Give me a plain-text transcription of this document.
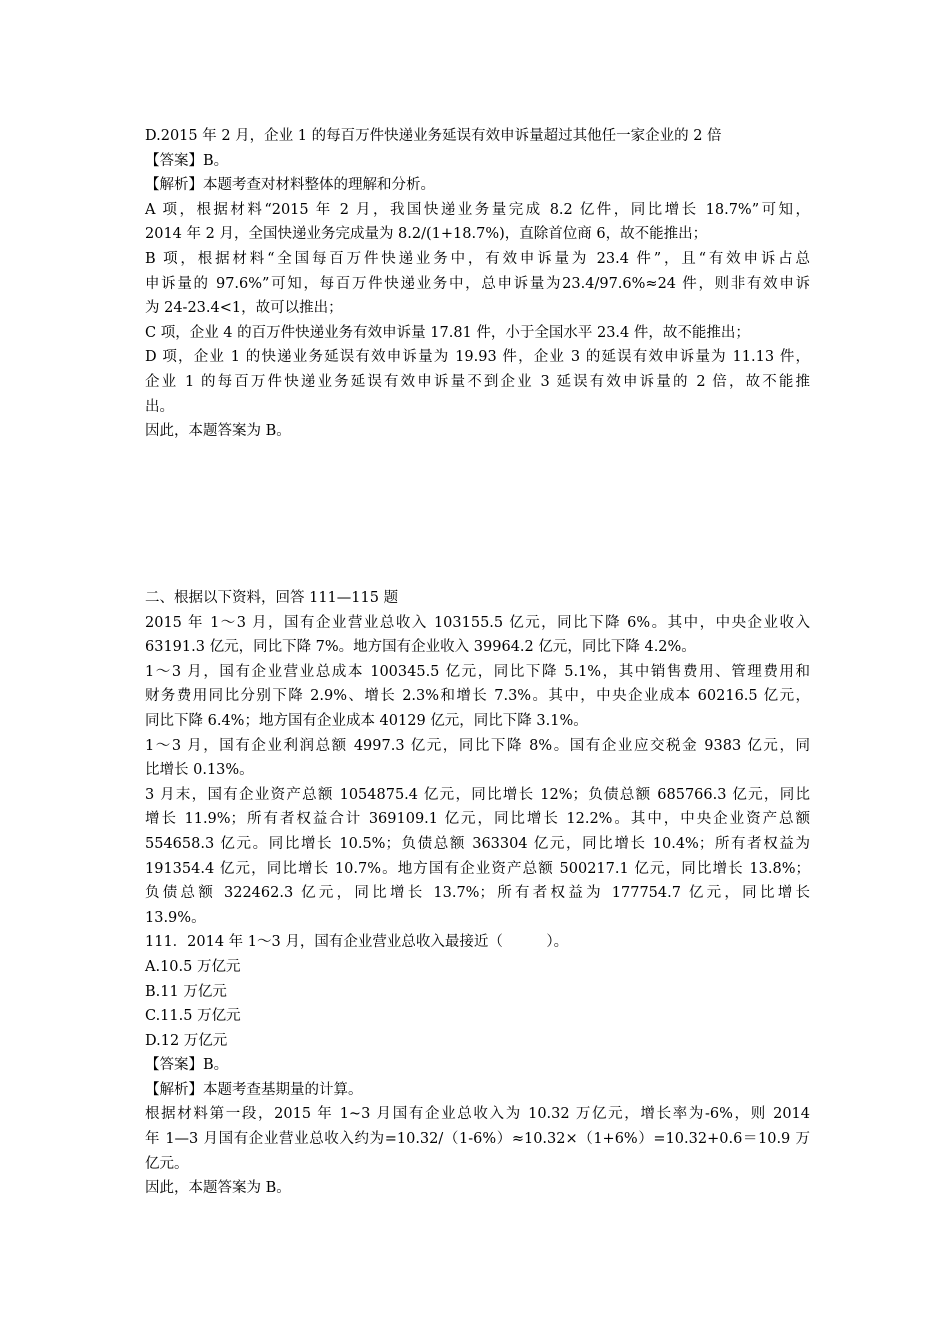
D.2015 年 2 月，企业 1 的每百万件快递业务延误有效申诉量超过其他任一家企业的 2 倍
【答案】B。
【解析】本题考查对材料整体的理解和分析。
A 项，根据材料“2015 年 2 月，我国快递业务量完成 8.2 亿件，同比增长 18.7%”可知，
2014 年 2 月，全国快递业务完成量为 8.2/(1+18.7%)，直除首位商 6，故不能推出；
B 项，根据材料“全国每百万件快递业务中，有效申诉量为 23.4 件”，且“有效申诉占总
申诉量的 97.6%”可知，每百万件快递业务中，总申诉量为23.4/97.6%≈24 件，则非有效申诉
为 24-23.4<1，故可以推出；
C 项，企业 4 的百万件快递业务有效申诉量 17.81 件，小于全国水平 23.4 件，故不能推出；
D 项，企业 1 的快递业务延误有效申诉量为 19.93 件，企业 3 的延误有效申诉量为 11.13 件，
企业 1 的每百万件快递业务延误有效申诉量不到企业 3 延误有效申诉量的 2 倍，故不能推
出。
因此，本题答案为 B。
二、根据以下资料，回答 111—115 题
2015 年 1～3 月，国有企业营业总收入 103155.5 亿元，同比下降 6%。其中，中央企业收入
63191.3 亿元，同比下降 7%。地方国有企业收入 39964.2 亿元，同比下降 4.2%。
1～3 月，国有企业营业总成本 100345.5 亿元，同比下降 5.1%，其中销售费用、管理费用和
财务费用同比分别下降 2.9%、增长 2.3%和增长 7.3%。其中，中央企业成本 60216.5 亿元，
同比下降 6.4%；地方国有企业成本 40129 亿元，同比下降 3.1%。
1～3 月，国有企业利润总额 4997.3 亿元，同比下降 8%。国有企业应交税金 9383 亿元，同
比增长 0.13%。
3 月末，国有企业资产总额 1054875.4 亿元，同比增长 12%；负债总额 685766.3 亿元，同比
增长 11.9%；所有者权益合计 369109.1 亿元，同比增长 12.2%。其中，中央企业资产总额
554658.3 亿元。同比增长 10.5%；负债总额 363304 亿元，同比增长 10.4%；所有者权益为
191354.4 亿元，同比增长 10.7%。地方国有企业资产总额 500217.1 亿元，同比增长 13.8%；
负债总额 322462.3 亿元，同比增长 13.7%；所有者权益为 177754.7 亿元，同比增长
13.9%。
111．2014 年 1～3 月，国有企业营业总收入最接近（　　　）。
A.10.5 万亿元
B.11 万亿元
C.11.5 万亿元
D.12 万亿元
【答案】B。
【解析】本题考查基期量的计算。
根据材料第一段，2015 年 1~3 月国有企业总收入为 10.32 万亿元，增长率为-6%，则 2014
年 1—3 月国有企业营业总收入约为=10.32/（1-6%）≈10.32×（1+6%）=10.32+0.6＝10.9 万
亿元。
因此，本题答案为 B。
